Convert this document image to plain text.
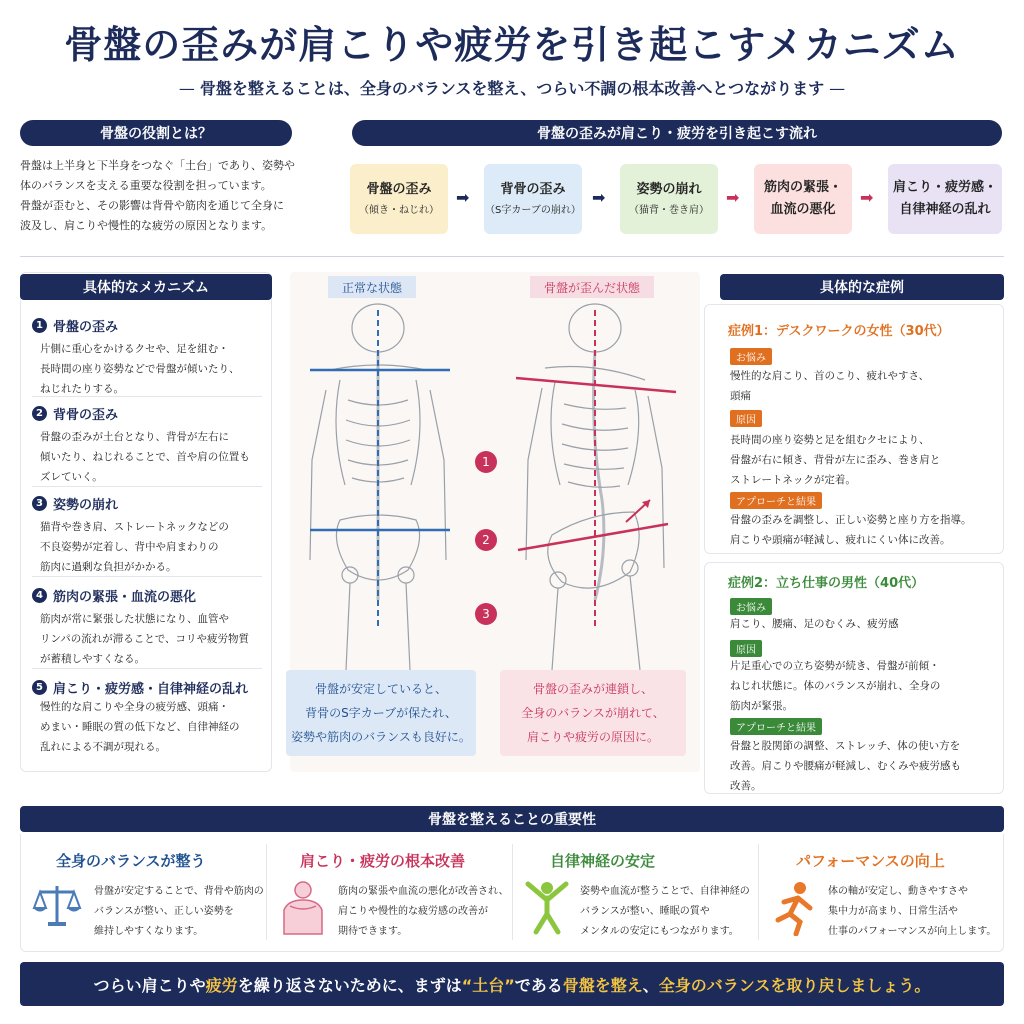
骨盤の歪みが肩こりや疲労を引き起こすメカニズム
— 骨盤を整えることは、全身のバランスを整え、つらい不調の根本改善へとつながります —
骨盤の役割とは？
骨盤は上半身と下半身をつなぐ「土台」であり、姿勢や
体のバランスを支える重要な役割を担っています。
骨盤が歪むと、その影響は背骨や筋肉を通じて全身に
波及し、肩こりや慢性的な疲労の原因となります。
骨盤の歪みが肩こり・疲労を引き起こす流れ
骨盤の歪み
（傾き・ねじれ）
➡ 背骨の歪み
（S字カーブの崩れ）
➡ 姿勢の崩れ
（猫背・巻き肩）
➡
筋肉の緊張・
血流の悪化
➡
肩こり・疲労感・
自律神経の乱れ
具体的なメカニズム
1 骨盤の歪み
片側に重心をかけるクセや、足を組む・
長時間の座り姿勢などで骨盤が傾いたり、
ねじれたりする。
2 背骨の歪み
骨盤の歪みが土台となり、背骨が左右に
傾いたり、ねじれることで、首や肩の位置も
ズレていく。
3 姿勢の崩れ
猫背や巻き肩、ストレートネックなどの
不良姿勢が定着し、背中や肩まわりの
筋肉に過剰な負担がかかる。
4 筋肉の緊張・血流の悪化
筋肉が常に緊張した状態になり、血管や
リンパの流れが滞ることで、コリや疲労物質
が蓄積しやすくなる。
5 肩こり・疲労感・自律神経の乱れ
慢性的な肩こりや全身の疲労感、頭痛・
めまい・睡眠の質の低下など、自律神経の
乱れによる不調が現れる。
正常な状態	骨盤が歪んだ状態
1
2
3
骨盤が安定していると、
背骨のS字カーブが保たれ、
姿勢や筋肉のバランスも良好に。
骨盤の歪みが連鎖し、
全身のバランスが崩れて、
肩こりや疲労の原因に。
具体的な症例
症例1：デスクワークの女性（30代）
お悩み
慢性的な肩こり、首のこり、疲れやすさ、
頭痛
原因
長時間の座り姿勢と足を組むクセにより、
骨盤が右に傾き、背骨が左に歪み、巻き肩と
ストレートネックが定着。
アプローチと結果
骨盤の歪みを調整し、正しい姿勢と座り方を指導。
肩こりや頭痛が軽減し、疲れにくい体に改善。
症例2：立ち仕事の男性（40代）
お悩み
肩こり、腰痛、足のむくみ、疲労感
原因
片足重心での立ち姿勢が続き、骨盤が前傾・
ねじれ状態に。体のバランスが崩れ、全身の
筋肉が緊張。
アプローチと結果
骨盤と股関節の調整、ストレッチ、体の使い方を
改善。肩こりや腰痛が軽減し、むくみや疲労感も
改善。
骨盤を整えることの重要性
全身のバランスが整う
骨盤が安定することで、背骨や筋肉の
バランスが整い、正しい姿勢を
維持しやすくなります。
肩こり・疲労の根本改善
筋肉の緊張や血流の悪化が改善され、
肩こりや慢性的な疲労感の改善が
期待できます。
自律神経の安定
姿勢や血流が整うことで、自律神経の
バランスが整い、睡眠の質や
メンタルの安定にもつながります。
パフォーマンスの向上
体の軸が安定し、動きやすさや
集中力が高まり、日常生活や
仕事のパフォーマンスが向上します。
つらい肩こりや 疲労 を繰り返さないために、まずは “土台” である 骨盤を整え 、 全身のバランスを取り戻しましょう。
